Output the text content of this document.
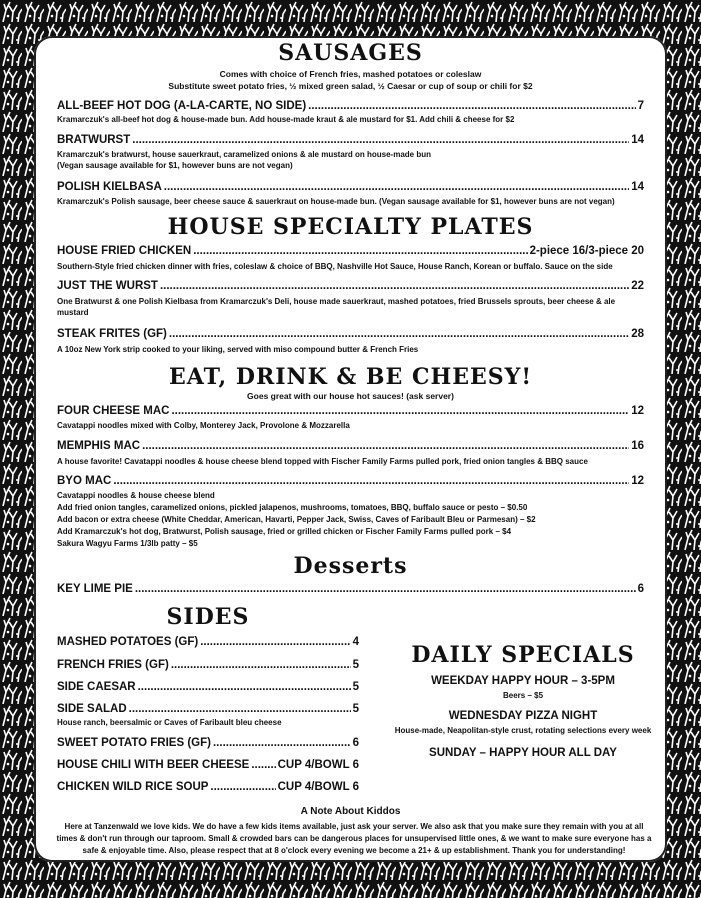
SAUSAGES
Comes with choice of French fries, mashed potatoes or coleslaw
Substitute sweet potato fries, ½ mixed green salad, ½ Caesar or cup of soup or chili for $2
ALL-BEEF HOT DOG (A-LA-CARTE, NO SIDE) .....	7
Kramarczuk's all-beef hot dog & house-made bun. Add house-made kraut & ale mustard for $1. Add chili & cheese for $2
BRATWURST .....	14
Kramarczuk's bratwurst, house sauerkraut, caramelized onions & ale mustard on house-made bun
(Vegan sausage available for $1, however buns are not vegan)
POLISH KIELBASA .....	14
Kramarczuk's Polish sausage, beer cheese sauce & sauerkraut on house-made bun. (Vegan sausage available for $1, however buns are not vegan)
HOUSE SPECIALTY PLATES
HOUSE FRIED CHICKEN .....	2-piece 16/3-piece 20
Southern-Style fried chicken dinner with fries, coleslaw & choice of BBQ, Nashville Hot Sauce, House Ranch, Korean or buffalo. Sauce on the side
JUST THE WURST .....	22
One Bratwurst & one Polish Kielbasa from Kramarczuk's Deli, house made sauerkraut, mashed potatoes, fried Brussels sprouts, beer cheese & ale
mustard
STEAK FRITES (GF) .....	28
A 10oz New York strip cooked to your liking, served with miso compound butter & French Fries
EAT, DRINK & BE CHEESY!
Goes great with our house hot sauces! (ask server)
FOUR CHEESE MAC .....	12
Cavatappi noodles mixed with Colby, Monterey Jack, Provolone & Mozzarella
MEMPHIS MAC .....	16
A house favorite! Cavatappi noodles & house cheese blend topped with Fischer Family Farms pulled pork, fried onion tangles & BBQ sauce
BYO MAC .....	12
Cavatappi noodles & house cheese blend
Add fried onion tangles, caramelized onions, pickled jalapenos, mushrooms, tomatoes, BBQ, buffalo sauce or pesto – $0.50
Add bacon or extra cheese (White Cheddar, American, Havarti, Pepper Jack, Swiss, Caves of Faribault Bleu or Parmesan) – $2
Add Kramarczuk's hot dog, Bratwurst, Polish sausage, fried or grilled chicken or Fischer Family Farms pulled pork – $4
Sakura Wagyu Farms 1/3lb patty – $5
Desserts
KEY LIME PIE .....	6
SIDES
MASHED POTATOES (GF) .....	4
FRENCH FRIES (GF) .....	5
SIDE CAESAR .....	5
SIDE SALAD .....	5
House ranch, beersalmic or Caves of Faribault bleu cheese
SWEET POTATO FRIES (GF) .....	6
HOUSE CHILI WITH BEER CHEESE ..... CUP 4/BOWL 6
CHICKEN WILD RICE SOUP .....	CUP 4/BOWL 6
DAILY SPECIALS
WEEKDAY HAPPY HOUR – 3-5PM
Beers – $5
WEDNESDAY PIZZA NIGHT
House-made, Neapolitan-style crust, rotating selections every week
SUNDAY – HAPPY HOUR ALL DAY
A Note About Kiddos
Here at Tanzenwald we love kids. We do have a few kids items available, just ask your server. We also ask that you make sure they remain with you at all
times & don't run through our taproom. Small & crowded bars can be dangerous places for unsupervised little ones, & we want to make sure everyone has a
safe & enjoyable time. Also, please respect that at 8 o'clock every evening we become a 21+ & up establishment. Thank you for understanding!
